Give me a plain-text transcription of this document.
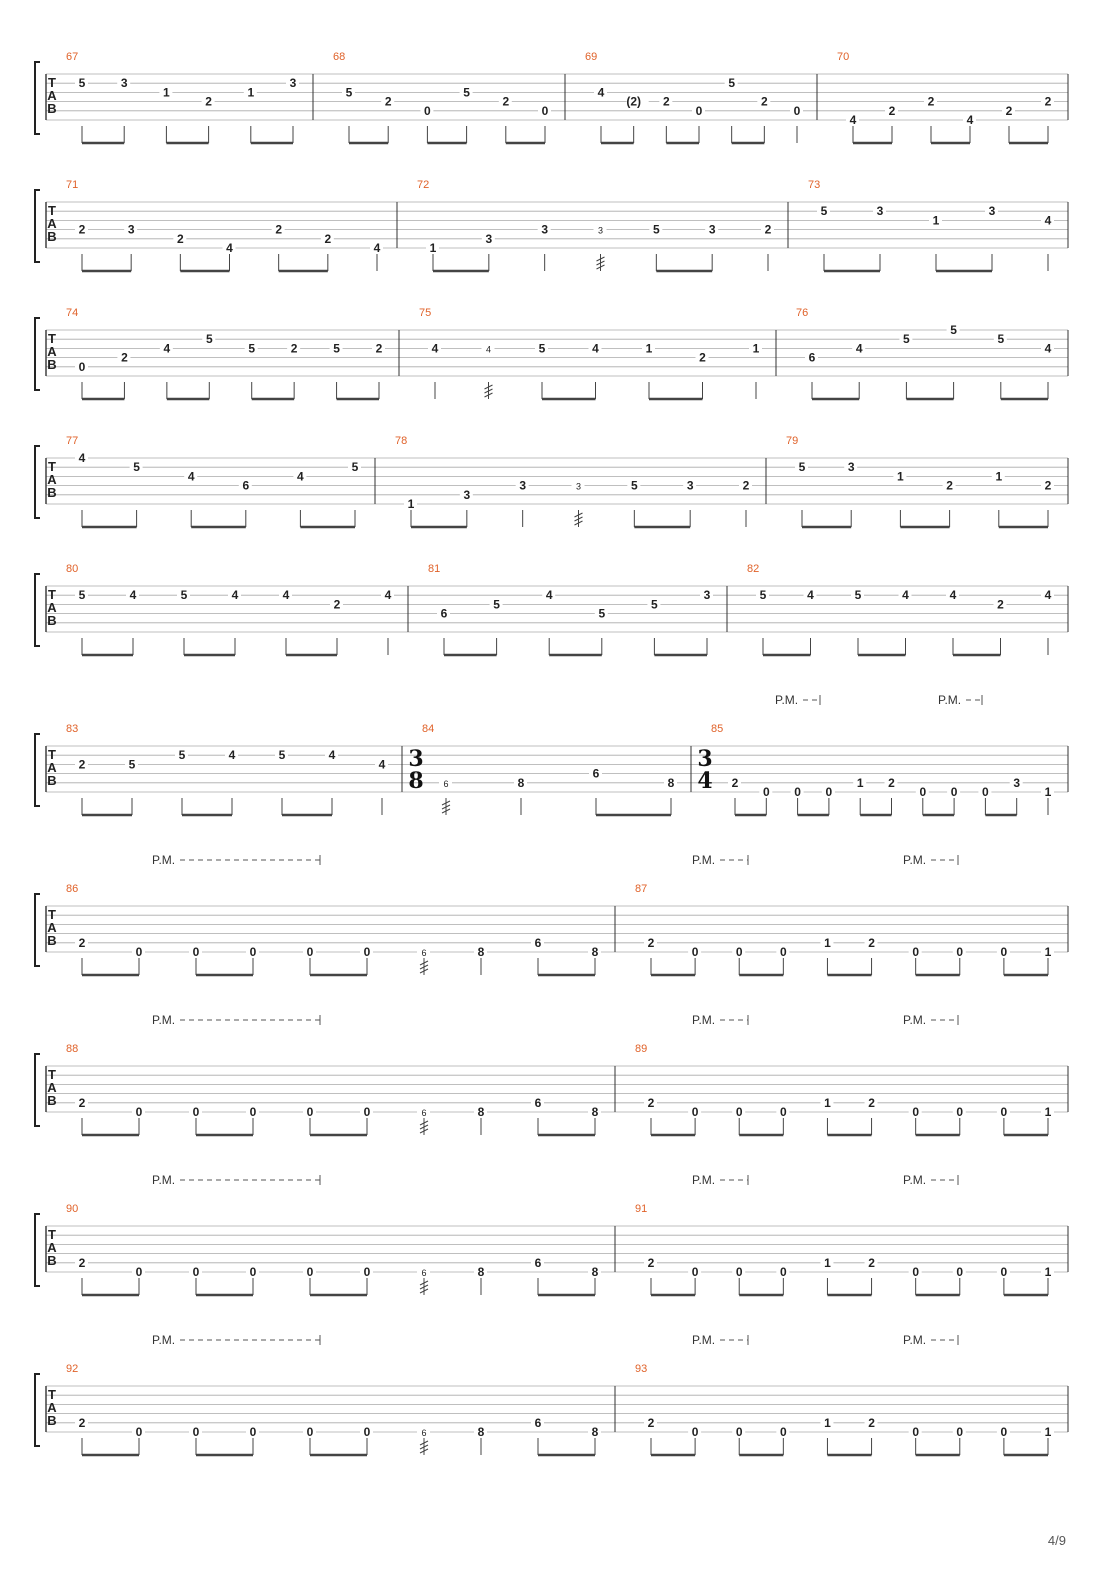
T
A
B
67
5	3
1
2
1
3
68
5
2
0
5
2
0
69
4
(2) 2
0
5
2
0
70
4
2
2
4
2
2
T
A
B
71
2	3
2
4
2
2
4
72
1
3
3	3	5	3	2
73
5	3
1
3
4
T
A
B
74
0
2
4
5
5	2	5	2
75
4	4	5	4	1
2
1
76
6
4
5
5
5
4
T
A
B
77
4
5
4
6
4
5
78
1
3
3	3	5	3	2
79
5	3
1
2
1
2
T
A
B
80
5	4	5	4	4
2
4
81
6
5
4
5
5
3
82
5	4	5	4	4
2
4
T
A
B
P.M.	P.M.
83
2	5
5	4	5	4
4
84
3
8 6	8
6
8
85
3
4 2
0 0 0
1 2
0 0 0
3
1
T
A
B
P.M.	P.M.	P.M.
86
2
0	0	0	0	0	6	8
6
8
87
2
0	0	0
1	2
0	0	0	1
T
A
B
P.M.	P.M.	P.M.
88
2
0	0	0	0	0	6	8
6
8
89
2
0	0	0
1	2
0	0	0	1
T
A
B
P.M.	P.M.	P.M.
90
2
0	0	0	0	0	6	8
6
8
91
2
0	0	0
1	2
0	0	0	1
T
A
B
P.M.	P.M.	P.M.
92
2
0	0	0	0	0	6	8
6
8
93
2
0	0	0
1	2
0	0	0	1
4/9
